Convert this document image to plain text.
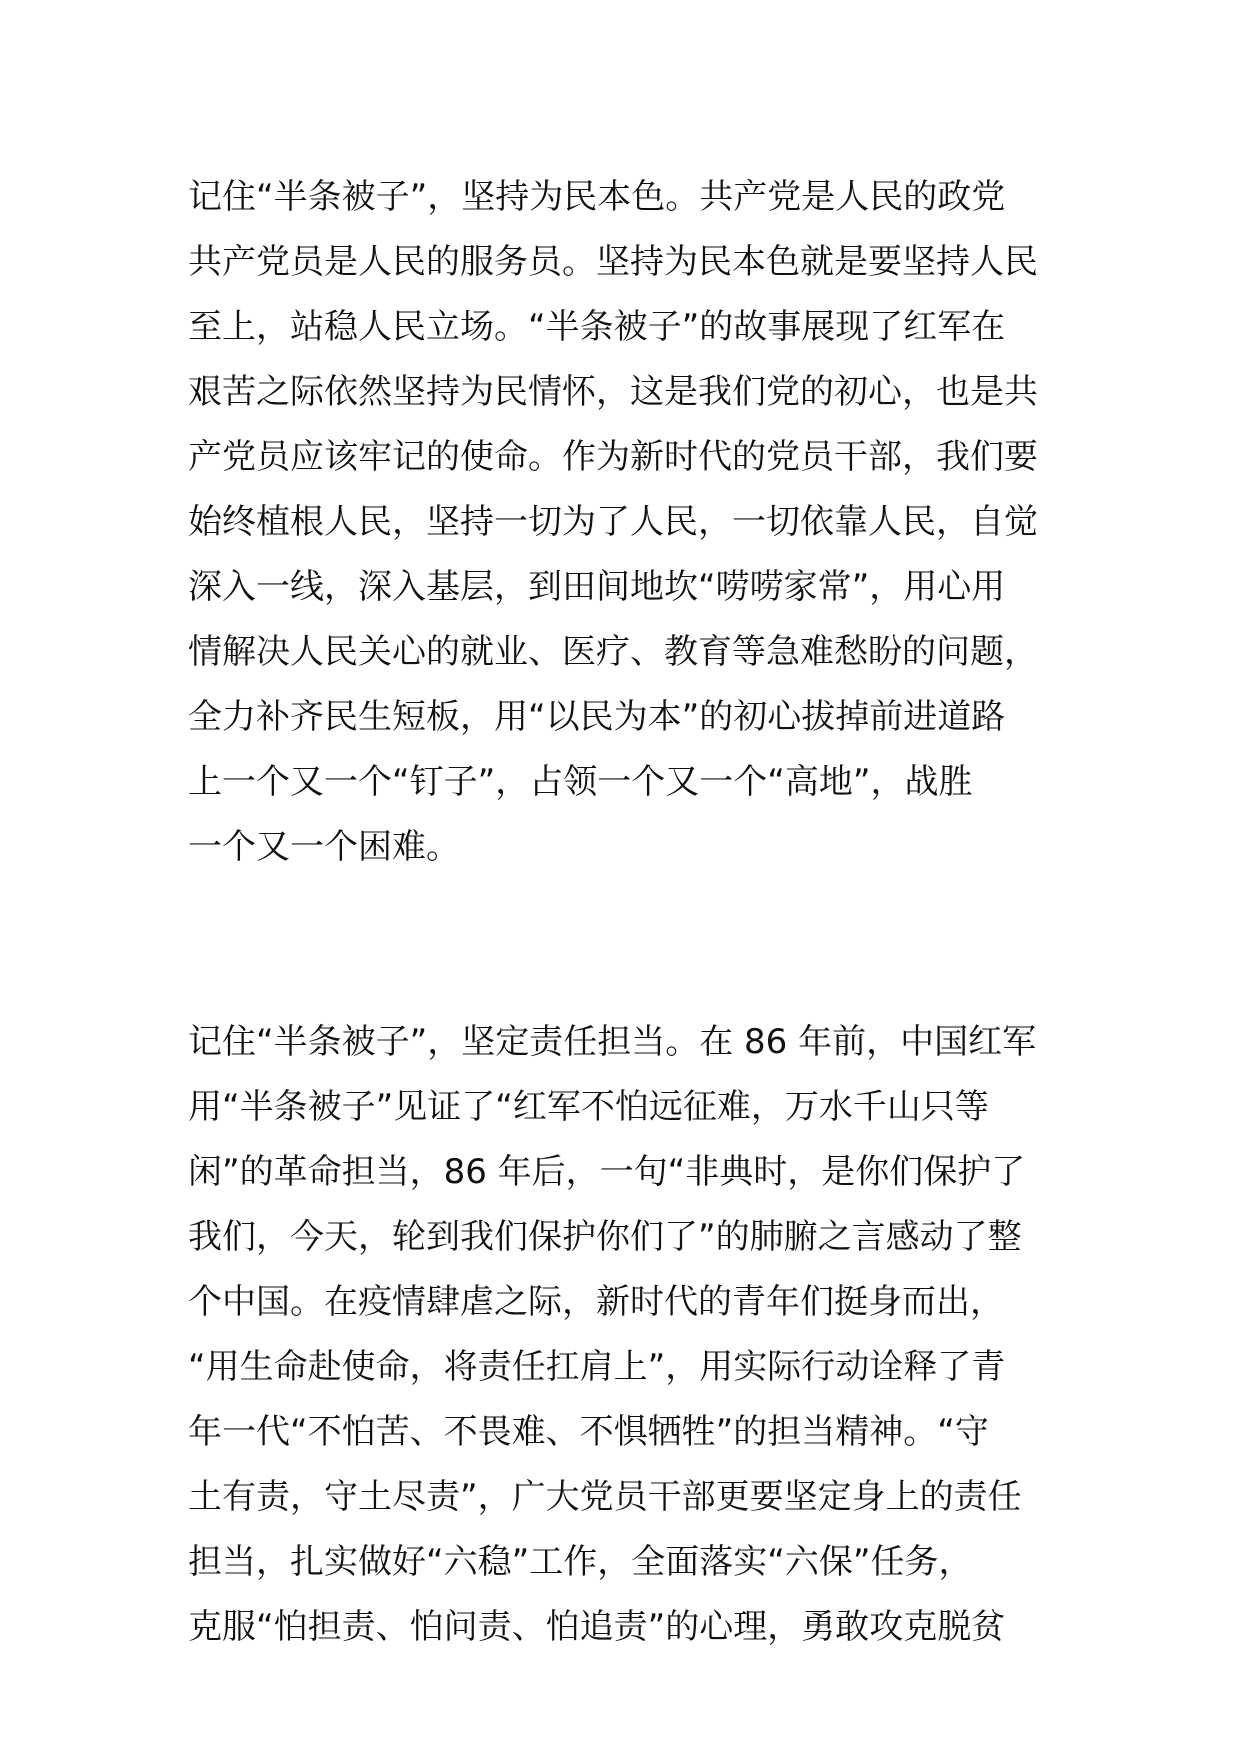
记住“半条被子”，坚持为民本色。共产党是人民的政党
共产党员是人民的服务员。坚持为民本色就是要坚持人民
至上，站稳人民立场。“半条被子”的故事展现了红军在
艰苦之际依然坚持为民情怀，这是我们党的初心，也是共
产党员应该牢记的使命。作为新时代的党员干部，我们要
始终植根人民，坚持一切为了人民，一切依靠人民，自觉
深入一线，深入基层，到田间地坎“唠唠家常”，用心用
情解决人民关心的就业、医疗、教育等急难愁盼的问题，
全力补齐民生短板，用“以民为本”的初心拔掉前进道路
上一个又一个“钉子”，占领一个又一个“高地”，战胜
一个又一个困难。
记住“半条被子”，坚定责任担当。在 86 年前，中国红军
用“半条被子”见证了“红军不怕远征难，万水千山只等
闲”的革命担当，86 年后，一句“非典时，是你们保护了
我们，今天，轮到我们保护你们了”的肺腑之言感动了整
个中国。在疫情肆虐之际，新时代的青年们挺身而出，
“用生命赴使命，将责任扛肩上”，用实际行动诠释了青
年一代“不怕苦、不畏难、不惧牺牲”的担当精神。“守
土有责，守土尽责”，广大党员干部更要坚定身上的责任
担当，扎实做好“六稳”工作，全面落实“六保”任务，
克服“怕担责、怕问责、怕追责”的心理，勇敢攻克脱贫
